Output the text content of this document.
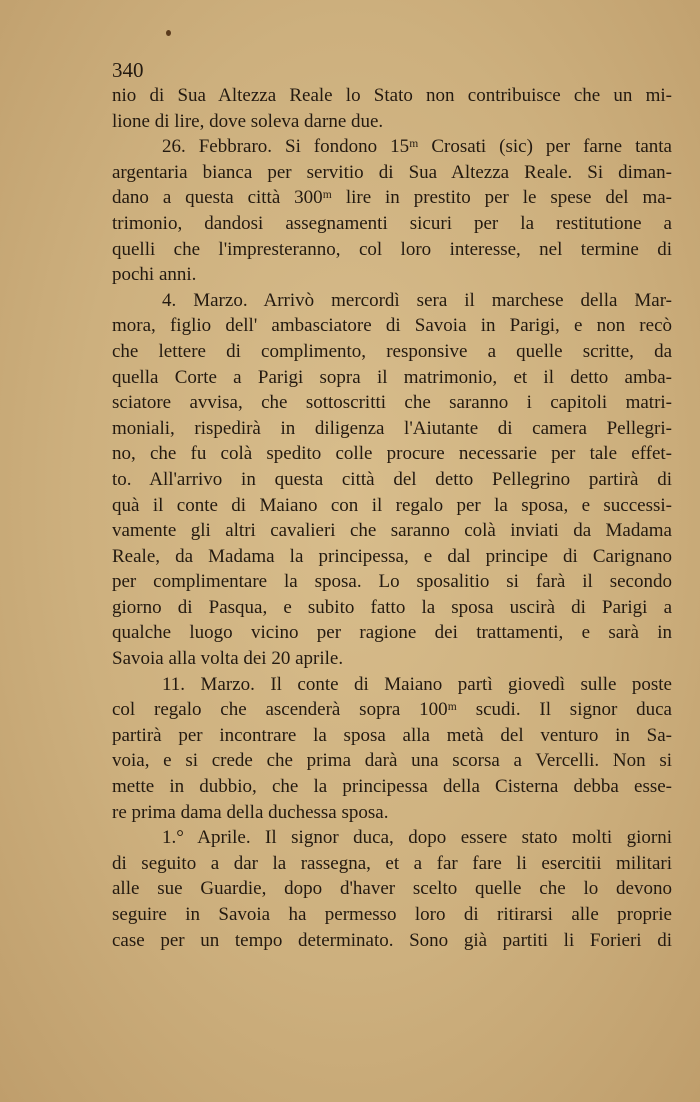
340
nio di Sua Altezza Reale lo Stato non contribuisce che un mi-
lione di lire, dove soleva darne due.
26. Febbraro. Si fondono 15ᵐ Crosati (sic) per farne tanta
argentaria bianca per servitio di Sua Altezza Reale. Si diman-
dano a questa città 300ᵐ lire in prestito per le spese del ma-
trimonio, dandosi assegnamenti sicuri per la restitutione a
quelli che l'impresteranno, col loro interesse, nel termine di
pochi anni.
4. Marzo. Arrivò mercordì sera il marchese della Mar-
mora, figlio dell' ambasciatore di Savoia in Parigi, e non recò
che lettere di complimento, responsive a quelle scritte, da
quella Corte a Parigi sopra il matrimonio, et il detto amba-
sciatore avvisa, che sottoscritti che saranno i capitoli matri-
moniali, rispedirà in diligenza l'Aiutante di camera Pellegri-
no, che fu colà spedito colle procure necessarie per tale effet-
to. All'arrivo in questa città del detto Pellegrino partirà di
quà il conte di Maiano con il regalo per la sposa, e successi-
vamente gli altri cavalieri che saranno colà inviati da Madama
Reale, da Madama la principessa, e dal principe di Carignano
per complimentare la sposa. Lo sposalitio si farà il secondo
giorno di Pasqua, e subito fatto la sposa uscirà di Parigi a
qualche luogo vicino per ragione dei trattamenti, e sarà in
Savoia alla volta dei 20 aprile.
11. Marzo. Il conte di Maiano partì giovedì sulle poste
col regalo che ascenderà sopra 100ᵐ scudi. Il signor duca
partirà per incontrare la sposa alla metà del venturo in Sa-
voia, e si crede che prima darà una scorsa a Vercelli. Non si
mette in dubbio, che la principessa della Cisterna debba esse-
re prima dama della duchessa sposa.
1.° Aprile. Il signor duca, dopo essere stato molti giorni
di seguito a dar la rassegna, et a far fare li esercitii militari
alle sue Guardie, dopo d'haver scelto quelle che lo devono
seguire in Savoia ha permesso loro di ritirarsi alle proprie
case per un tempo determinato. Sono già partiti li Forieri di
